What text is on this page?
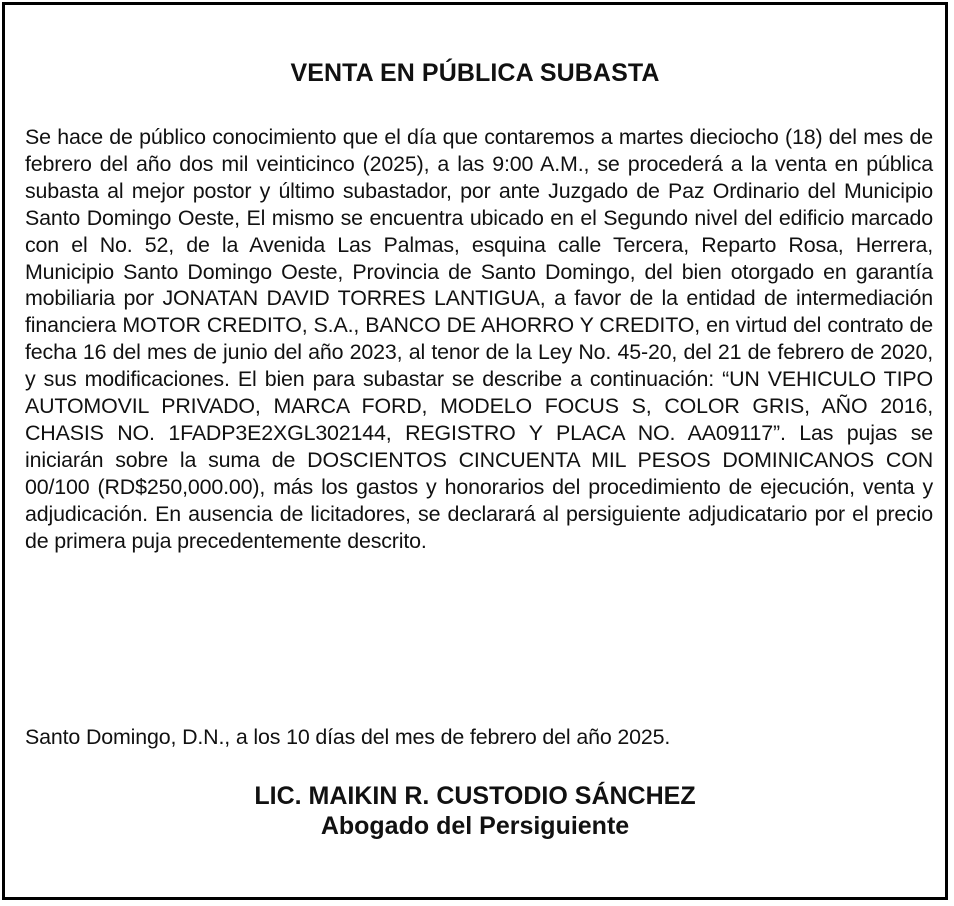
VENTA EN PÚBLICA SUBASTA

Se hace de público conocimiento que el día que contaremos a martes dieciocho (18) del mes de febrero del año dos mil veinticinco (2025), a las 9:00 A.M., se procederá a la venta en pública subasta al mejor postor y último subastador, por ante Juzgado de Paz Ordinario del Municipio Santo Domingo Oeste, El mismo se encuentra ubicado en el Segundo nivel del edificio marcado con el No. 52, de la Avenida Las Palmas, esquina calle Tercera, Reparto Rosa, Herrera, Municipio Santo Domingo Oeste, Provincia de Santo Domingo, del bien otorgado en garantía mobiliaria por JONATAN DAVID TORRES LANTIGUA, a favor de la entidad de intermediación financiera MOTOR CREDITO, S.A., BANCO DE AHORRO Y CREDITO, en virtud del contrato de fecha 16 del mes de junio del año 2023, al tenor de la Ley No. 45-20, del 21 de febrero de 2020, y sus modificaciones. El bien para subastar se describe a continuación: “UN VEHICULO TIPO AUTOMOVIL PRIVADO, MARCA FORD, MODELO FOCUS S, COLOR GRIS, AÑO 2016, CHASIS NO. 1FADP3E2XGL302144, REGISTRO Y PLACA NO. AA09117”. Las pujas se iniciarán sobre la suma de DOSCIENTOS CINCUENTA MIL PESOS DOMINICANOS CON 00/100 (RD$250,000.00), más los gastos y honorarios del procedimiento de ejecución, venta y adjudicación. En ausencia de licitadores, se declarará al persiguiente adjudicatario por el precio de primera puja precedentemente descrito.

Santo Domingo, D.N., a los 10 días del mes de febrero del año 2025.

LIC. MAIKIN R. CUSTODIO SÁNCHEZ
Abogado del Persiguiente
